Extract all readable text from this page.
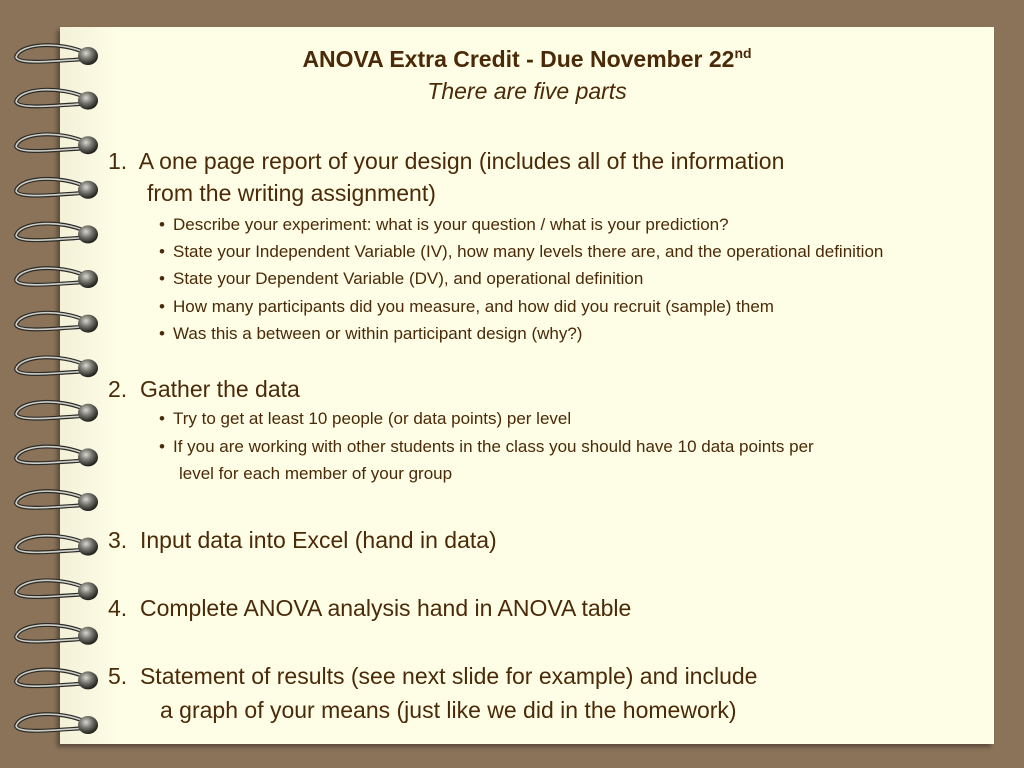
ANOVA Extra Credit - Due November 22nd
There are five parts
1. A one page report of your design (includes all of the information
from the writing assignment)
• Describe your experiment: what is your question / what is your prediction?
• State your Independent Variable (IV), how many levels there are, and the operational definition
• State your Dependent Variable (DV), and operational definition
• How many participants did you measure, and how did you recruit (sample) them
• Was this a between or within participant design (why?)
2. Gather the data
• Try to get at least 10 people (or data points) per level
• If you are working with other students in the class you should have 10 data points per
level for each member of your group
3. Input data into Excel (hand in data)
4. Complete ANOVA analysis hand in ANOVA table
5. Statement of results (see next slide for example) and include
a graph of your means (just like we did in the homework)
